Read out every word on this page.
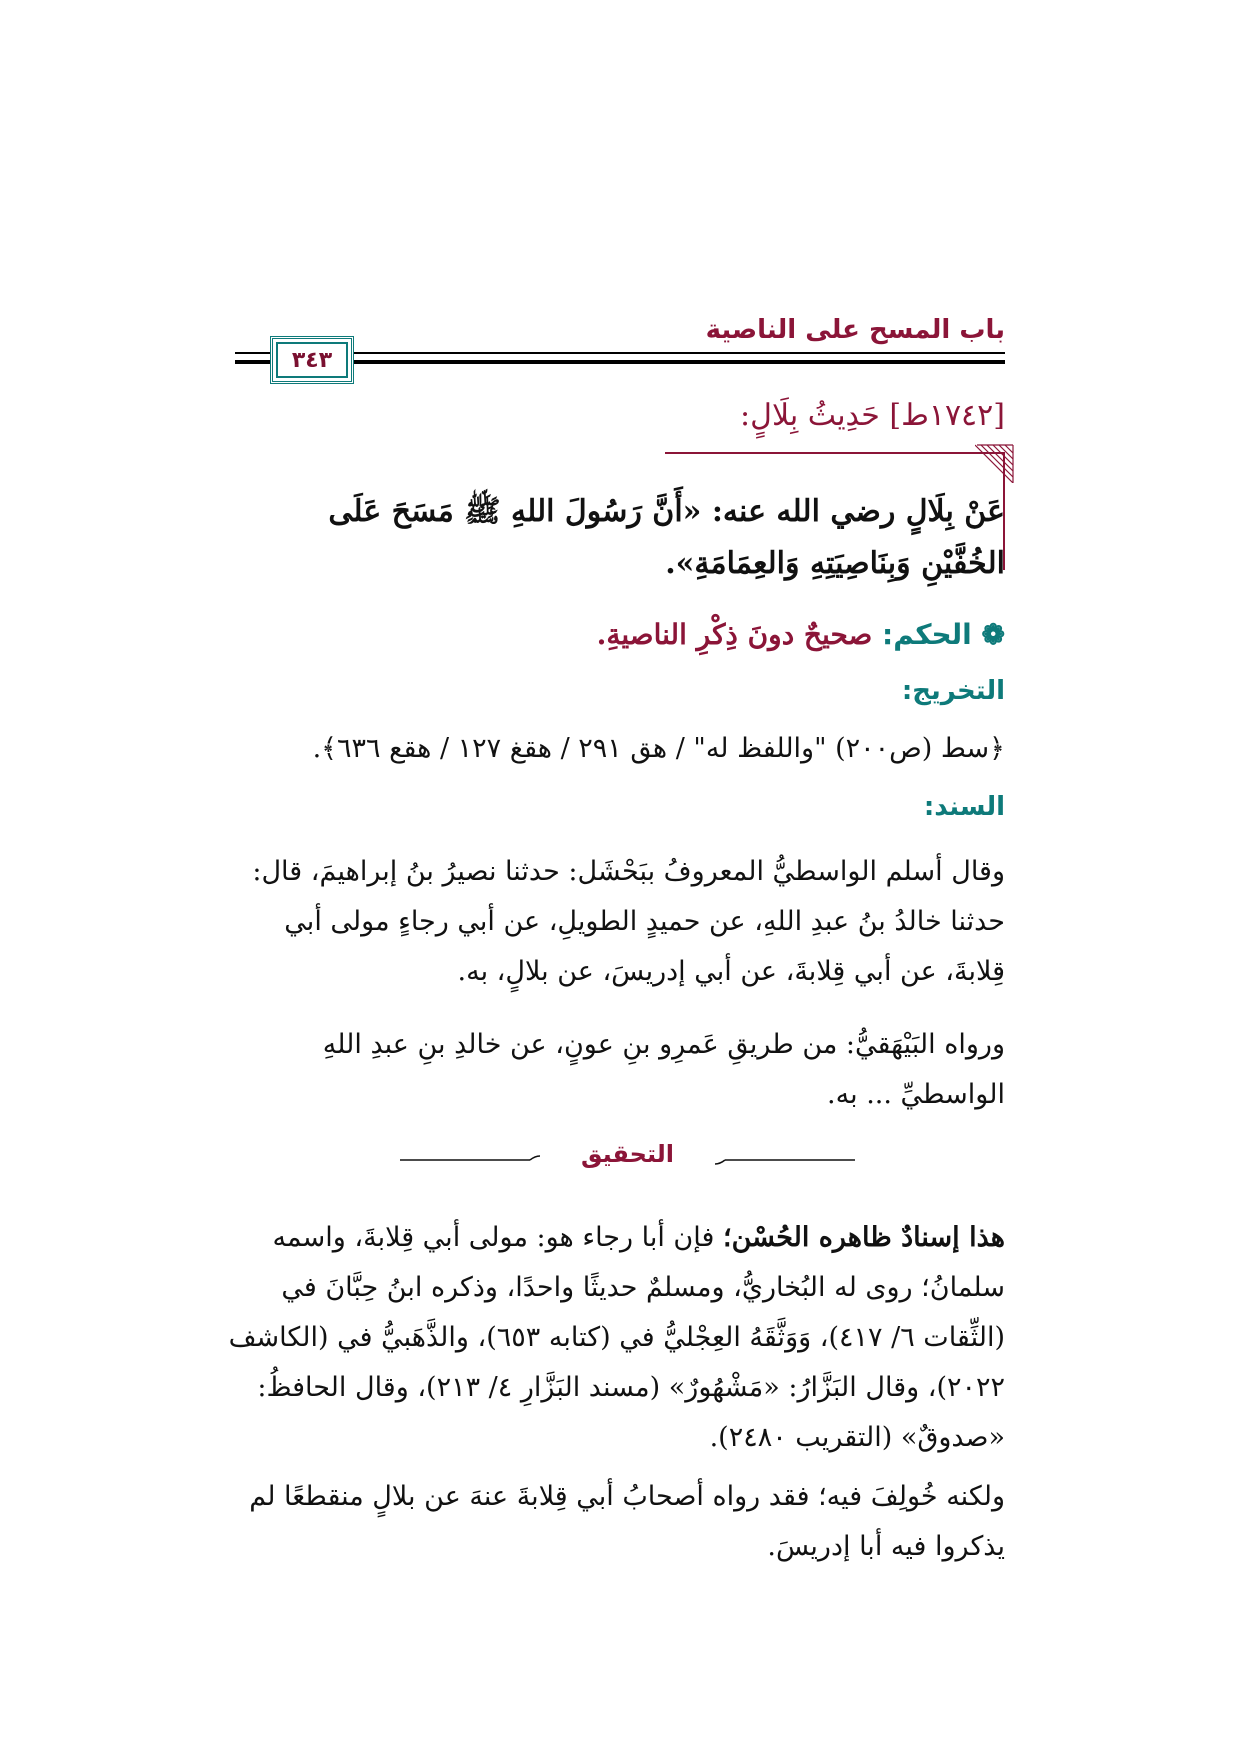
باب المسح على الناصية
٣٤٣
[١٧٤٢ط] حَدِيثُ بِلَالٍ:
عَنْ بِلَالٍ رضي الله عنه: «أَنَّ رَسُولَ اللهِ ﷺ مَسَحَ عَلَى الخُفَّيْنِ وَبِنَاصِيَتِهِ وَالعِمَامَةِ».
❁ الحكم: صحيحٌ دونَ ذِكْرِ الناصيةِ.
التخريج:
﴿سط (ص٢٠٠) "واللفظ له" / هق ٢٩١ / هقغ ١٢٧ / هقع ٦٣٦﴾.
السند:
وقال أسلم الواسطيُّ المعروفُ ببَحْشَل: حدثنا نصيرُ بنُ إبراهيمَ، قال: حدثنا خالدُ بنُ عبدِ اللهِ، عن حميدٍ الطويلِ، عن أبي رجاءٍ مولى أبي قِلابةَ، عن أبي قِلابةَ، عن أبي إدريسَ، عن بلالٍ، به.
ورواه البَيْهَقيُّ: من طريقِ عَمرِو بنِ عونٍ، عن خالدِ بنِ عبدِ اللهِ الواسطيِّ ... به.
التحقيق
هذا إسنادٌ ظاهره الحُسْن؛ فإن أبا رجاء هو: مولى أبي قِلابةَ، واسمه سلمانُ؛ روى له البُخاريُّ، ومسلمٌ حديثًا واحدًا، وذكره ابنُ حِبَّانَ في (الثِّقات ٦/ ٤١٧)، وَوَثَّقَهُ العِجْليُّ في (كتابه ٦٥٣)، والذَّهَبيُّ في (الكاشف ٢٠٢٢)، وقال البَزَّارُ: «مَشْهُورٌ» (مسند البَزَّارِ ٤/ ٢١٣)، وقال الحافظُ: «صدوقٌ» (التقريب ٢٤٨٠).
ولكنه خُولِفَ فيه؛ فقد رواه أصحابُ أبي قِلابةَ عنهَ عن بلالٍ منقطعًا لم يذكروا فيه أبا إدريسَ.
